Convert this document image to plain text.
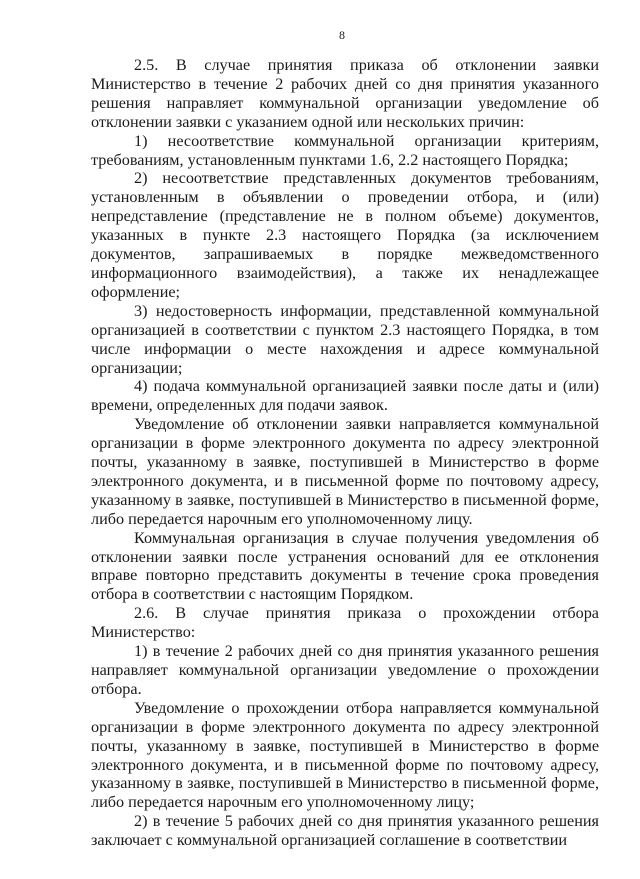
8

2.5. В случае принятия приказа об отклонении заявки Министерство в течение 2 рабочих дней со дня принятия указанного решения направляет коммунальной организации уведомление об отклонении заявки с указанием одной или нескольких причин:

1) несоответствие коммунальной организации критериям, требованиям, установленным пунктами 1.6, 2.2 настоящего Порядка;

2) несоответствие представленных документов требованиям, установленным в объявлении о проведении отбора, и (или) непредставление (представление не в полном объеме) документов, указанных в пункте 2.3 настоящего Порядка (за исключением документов, запрашиваемых в порядке межведомственного информационного взаимодействия), а также их ненадлежащее оформление;

3) недостоверность информации, представленной коммунальной организацией в соответствии с пунктом 2.3 настоящего Порядка, в том числе информации о месте нахождения и адресе коммунальной организации;

4) подача коммунальной организацией заявки после даты и (или) времени, определенных для подачи заявок.

Уведомление об отклонении заявки направляется коммунальной организации в форме электронного документа по адресу электронной почты, указанному в заявке, поступившей в Министерство в форме электронного документа, и в письменной форме по почтовому адресу, указанному в заявке, поступившей в Министерство в письменной форме, либо передается нарочным его уполномоченному лицу.

Коммунальная организация в случае получения уведомления об отклонении заявки после устранения оснований для ее отклонения вправе повторно представить документы в течение срока проведения отбора в соответствии с настоящим Порядком.

2.6. В случае принятия приказа о прохождении отбора Министерство:

1) в течение 2 рабочих дней со дня принятия указанного решения направляет коммунальной организации уведомление о прохождении отбора.

Уведомление о прохождении отбора направляется коммунальной организации в форме электронного документа по адресу электронной почты, указанному в заявке, поступившей в Министерство в форме электронного документа, и в письменной форме по почтовому адресу, указанному в заявке, поступившей в Министерство в письменной форме, либо передается нарочным его уполномоченному лицу;

2) в течение 5 рабочих дней со дня принятия указанного решения заключает с коммунальной организацией соглашение в соответствии
